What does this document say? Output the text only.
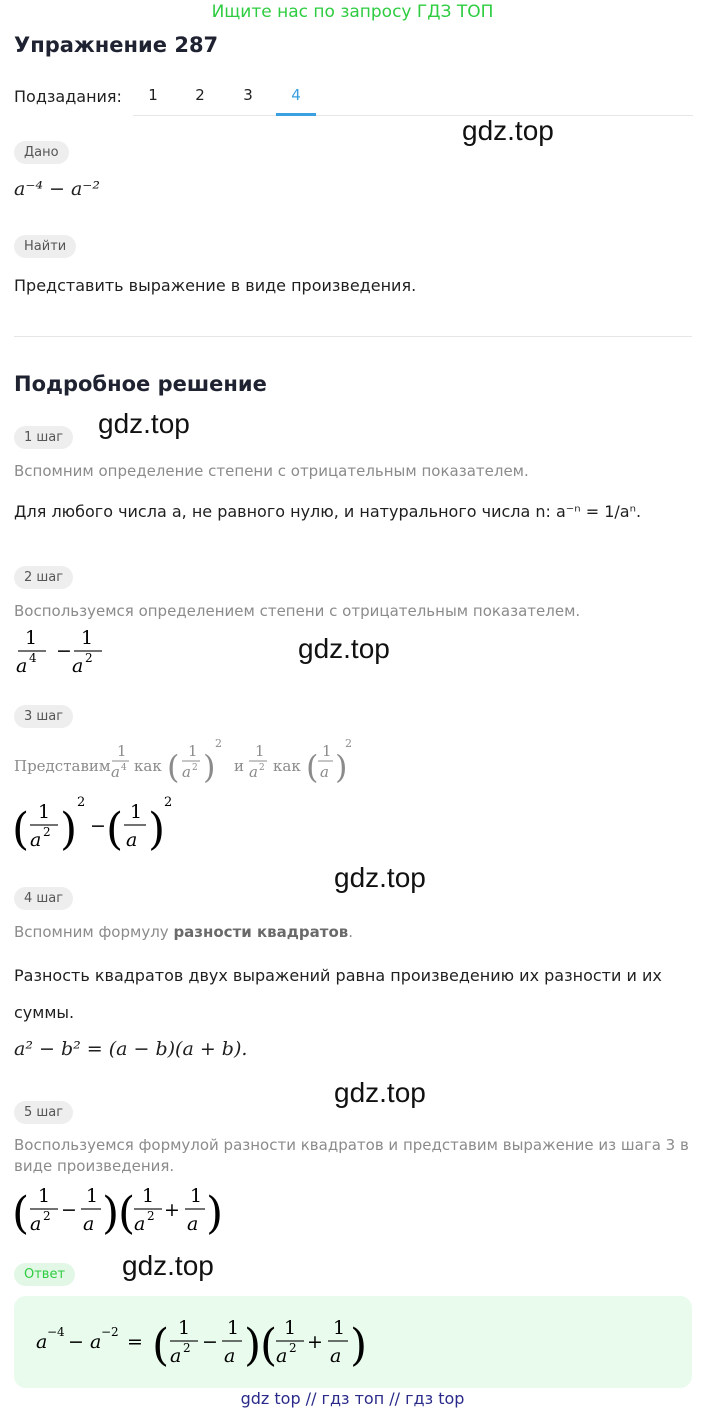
Ищите нас по запросу ГДЗ ТОП
Упражнение 287
Подзадания:	1	2	3	4
gdz.top
gdz.top
gdz.top
gdz.top
gdz.top
gdz.top
Дано
a⁻⁴ − a⁻²
Найти
Представить выражение в виде произведения.
Подробное решение
1 шаг
Вспомним определение степени с отрицательным показателем.
Для любого числа a, не равного нулю, и натурального числа n: a⁻ⁿ = 1/aⁿ.
2 шаг
Воспользуемся определением степени с отрицательным показателем.
1
a 4 −
1
a 2
3 шаг
Представим
1
a 4 как ( 1
a 2 )
2
и
1
a 2 как ( 1
a )
2
( 1
a 2 )
2
− ( 1
a )
2
4 шаг
Вспомним формулу разности квадратов.
Разность квадратов двух выражений равна произведению их разности и их суммы.
a² − b² = (a − b)(a + b).
5 шаг
Воспользуемся формулой разности квадратов и представим выражение из шага 3 в виде произведения.
( 1
a 2 −
1
a )
( 1
a 2 +
1
a )
Ответ
a −4 − a −2 = ( 1
a 2 −
1
a )
( 1
a 2 +
1
a )
gdz top // гдз топ // гдз top
